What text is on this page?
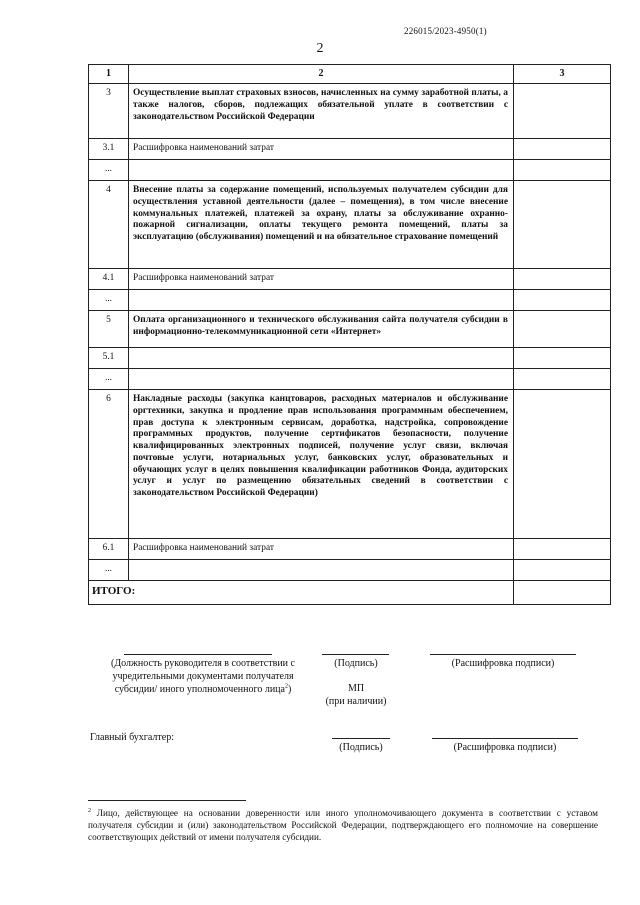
226015/2023-4950(1)
2
1	2	3
3	Осуществление выплат страховых взносов, начисленных на сумму заработной платы, а также налогов, сборов, подлежащих обязательной уплате в соответствии с законодательством Российской Федерации	
3.1	Расшифровка наименований затрат	
...		
4	Внесение платы за содержание помещений, используемых получателем субсидии для осуществления уставной деятельности (далее – помещения), в том числе внесение коммунальных платежей, платежей за охрану, платы за обслуживание охранно-пожарной сигнализации, оплаты текущего ремонта помещений, платы за эксплуатацию (обслуживания) помещений и на обязательное страхование помещений	
4.1	Расшифровка наименований затрат	
...		
5	Оплата организационного и технического обслуживания сайта получателя субсидии в информационно-телекоммуникационной сети «Интернет»	
5.1		
...		
6	Накладные расходы (закупка канцтоваров, расходных материалов и обслуживание оргтехники, закупка и продление прав использования программным обеспечением, прав доступа к электронным сервисам, доработка, надстройка, сопровождение программных продуктов, получение сертификатов безопасности, получение квалифицированных электронных подписей, получение услуг связи, включая почтовые услуги, нотариальных услуг, банковских услуг, образовательных и обучающих услуг в целях повышения квалификации работников Фонда, аудиторских услуг и услуг по размещению обязательных сведений в соответствии с законодательством Российской Федерации)	
6.1	Расшифровка наименований затрат	
...		
ИТОГО:		
(Должность руководителя в соответствии с учредительными документами получателя субсидии/ иного уполномоченного лица$^2$)
(Подпись)	(Расшифровка подписи)
МП
(при наличии)
Главный бухгалтер:
(Подпись)	(Расшифровка подписи)
$^2$ Лицо, действующее на основании доверенности или иного уполномочивающего документа в соответствии с уставом получателя субсидии и (или) законодательством Российской Федерации, подтверждающего его полномочие на совершение соответствующих действий от имени получателя субсидии.
